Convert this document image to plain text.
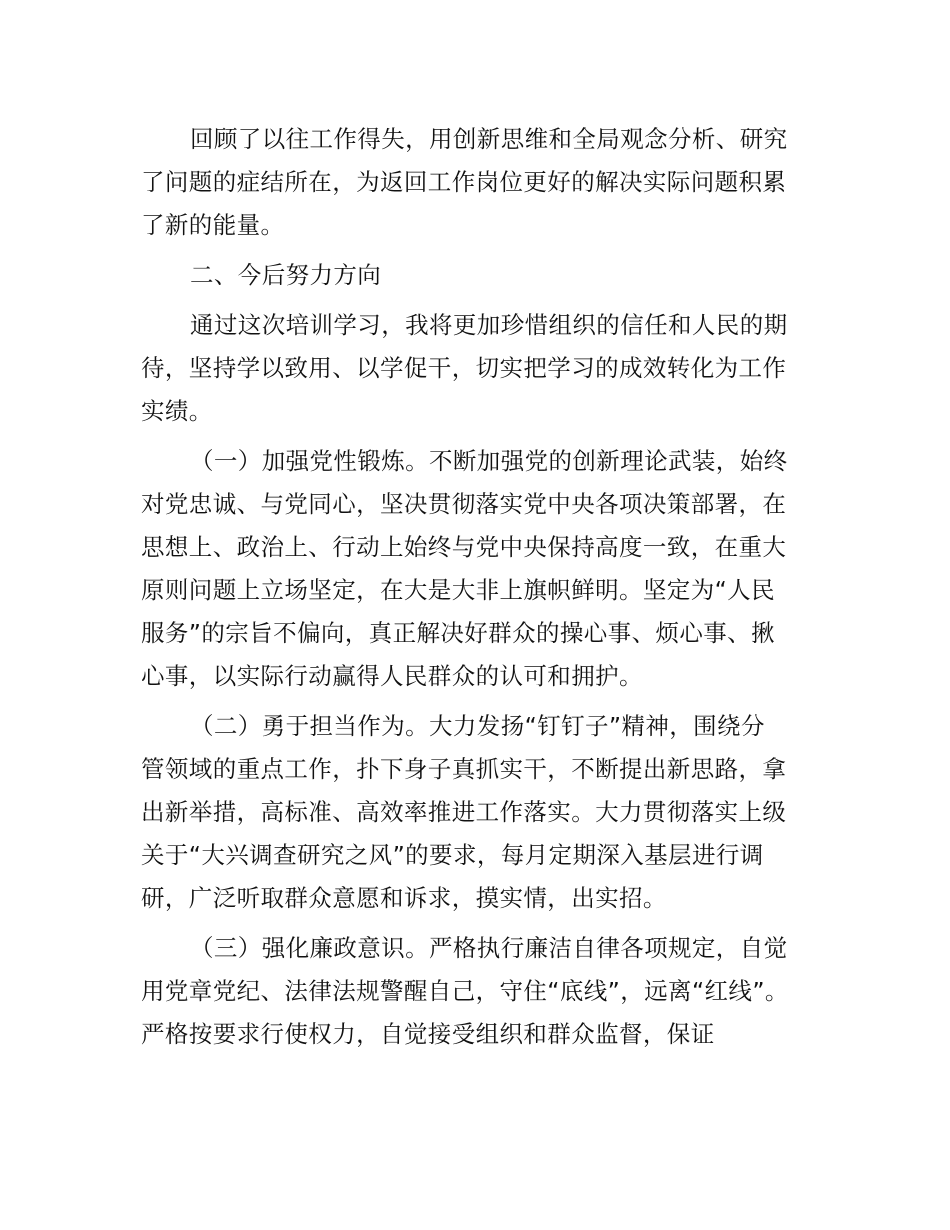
回顾了以往工作得失，用创新思维和全局观念分析、研究
了问题的症结所在，为返回工作岗位更好的解决实际问题积累
了新的能量。
二、今后努力方向
通过这次培训学习，我将更加珍惜组织的信任和人民的期
待，坚持学以致用、以学促干，切实把学习的成效转化为工作
实绩。
（一）加强党性锻炼。不断加强党的创新理论武装，始终
对党忠诚、与党同心，坚决贯彻落实党中央各项决策部署，在
思想上、政治上、行动上始终与党中央保持高度一致，在重大
原则问题上立场坚定，在大是大非上旗帜鲜明。坚定为“人民
服务”的宗旨不偏向，真正解决好群众的操心事、烦心事、揪
心事，以实际行动赢得人民群众的认可和拥护。
（二）勇于担当作为。大力发扬“钉钉子”精神，围绕分
管领域的重点工作，扑下身子真抓实干，不断提出新思路，拿
出新举措，高标准、高效率推进工作落实。大力贯彻落实上级
关于“大兴调查研究之风”的要求，每月定期深入基层进行调
研，广泛听取群众意愿和诉求，摸实情，出实招。
（三）强化廉政意识。严格执行廉洁自律各项规定，自觉
用党章党纪、法律法规警醒自己，守住“底线”，远离“红线”。
严格按要求行使权力，自觉接受组织和群众监督，保证
